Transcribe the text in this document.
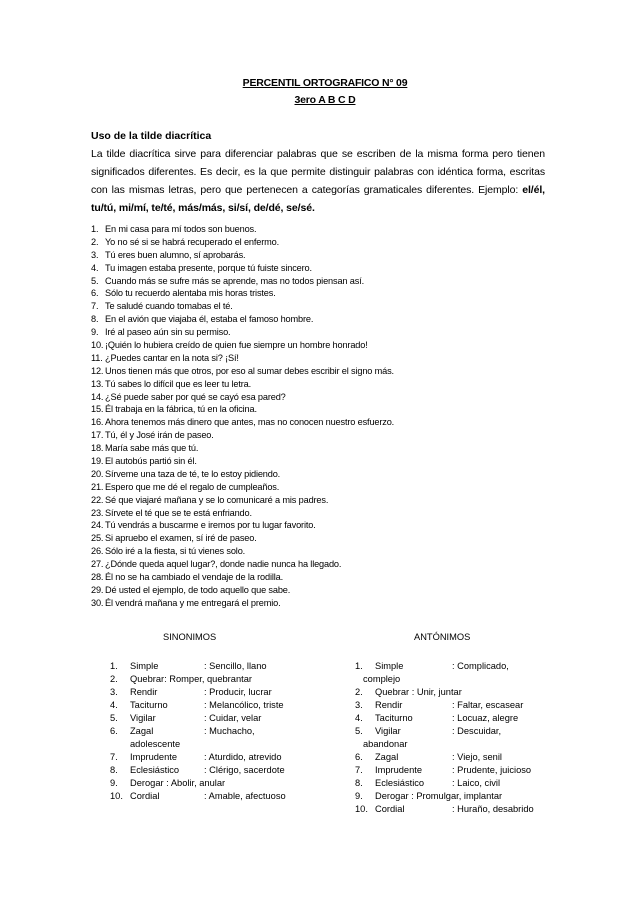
PERCENTIL ORTOGRAFICO N° 09
3ero A B C D
Uso de la tilde diacrítica
La tilde diacrítica sirve para diferenciar palabras que se escriben de la misma forma pero tienen significados diferentes. Es decir, es la que permite distinguir palabras con idéntica forma, escritas con las mismas letras, pero que pertenecen a categorías gramaticales diferentes. Ejemplo: el/él, tu/tú, mi/mí, te/té, más/más, si/sí, de/dé, se/sé.
1. En mi casa para mí todos son buenos.
2. Yo no sé si se habrá recuperado el enfermo.
3. Tú eres buen alumno, sí aprobarás.
4. Tu imagen estaba presente, porque tú fuiste sincero.
5. Cuando más se sufre más se aprende, mas no todos piensan así.
6. Sólo tu recuerdo alentaba mis horas tristes.
7. Te saludé cuando tomabas el té.
8. En el avión que viajaba él, estaba el famoso hombre.
9. Iré al paseo aún sin su permiso.
10. ¡Quién lo hubiera creído de quien fue siempre un hombre honrado!
11. ¿Puedes cantar en la nota si? ¡Sí!
12. Unos tienen más que otros, por eso al sumar debes escribir el signo más.
13. Tú sabes lo difícil que es leer tu letra.
14. ¿Sé puede saber por qué se cayó esa pared?
15. Él trabaja en la fábrica, tú en la oficina.
16. Ahora tenemos más dinero que antes, mas no conocen nuestro esfuerzo.
17. Tú, él y José irán de paseo.
18. María sabe más que tú.
19. El autobús partió sin él.
20. Sírveme una taza de té, te lo estoy pidiendo.
21. Espero que me dé el regalo de cumpleaños.
22. Sé que viajaré mañana y se lo comunicaré a mis padres.
23. Sírvete el té que se te está enfriando.
24. Tú vendrás a buscarme e iremos por tu lugar favorito.
25. Si apruebo el examen, sí iré de paseo.
26. Sólo iré a la fiesta, si tú vienes solo.
27. ¿Dónde queda aquel lugar?, donde nadie nunca ha llegado.
28. Él no se ha cambiado el vendaje de la rodilla.
29. Dé usted el ejemplo, de todo aquello que sabe.
30. Él vendrá mañana y me entregará el premio.
SINONIMOS	ANTÓNIMOS
1. Simple	: Sencillo, llano
2. Quebrar: Romper, quebrantar
3. Rendir	: Producir, lucrar
4. Taciturno	: Melancólico, triste
5. Vigilar	: Cuidar, velar
6. Zagal	: Muchacho,
adolescente
7. Imprudente	: Aturdido, atrevido
8. Eclesiástico	: Clérigo, sacerdote
9. Derogar : Abolir, anular
10. Cordial	: Amable, afectuoso
1. Simple	: Complicado,
complejo
2. Quebrar : Unir, juntar
3. Rendir	: Faltar, escasear
4. Taciturno	: Locuaz, alegre
5. Vigilar	: Descuidar,
abandonar
6. Zagal	: Viejo, senil
7. Imprudente	: Prudente, juicioso
8. Eclesiástico	: Laico, civil
9. Derogar : Promulgar, implantar
10. Cordial	: Huraño, desabrido
